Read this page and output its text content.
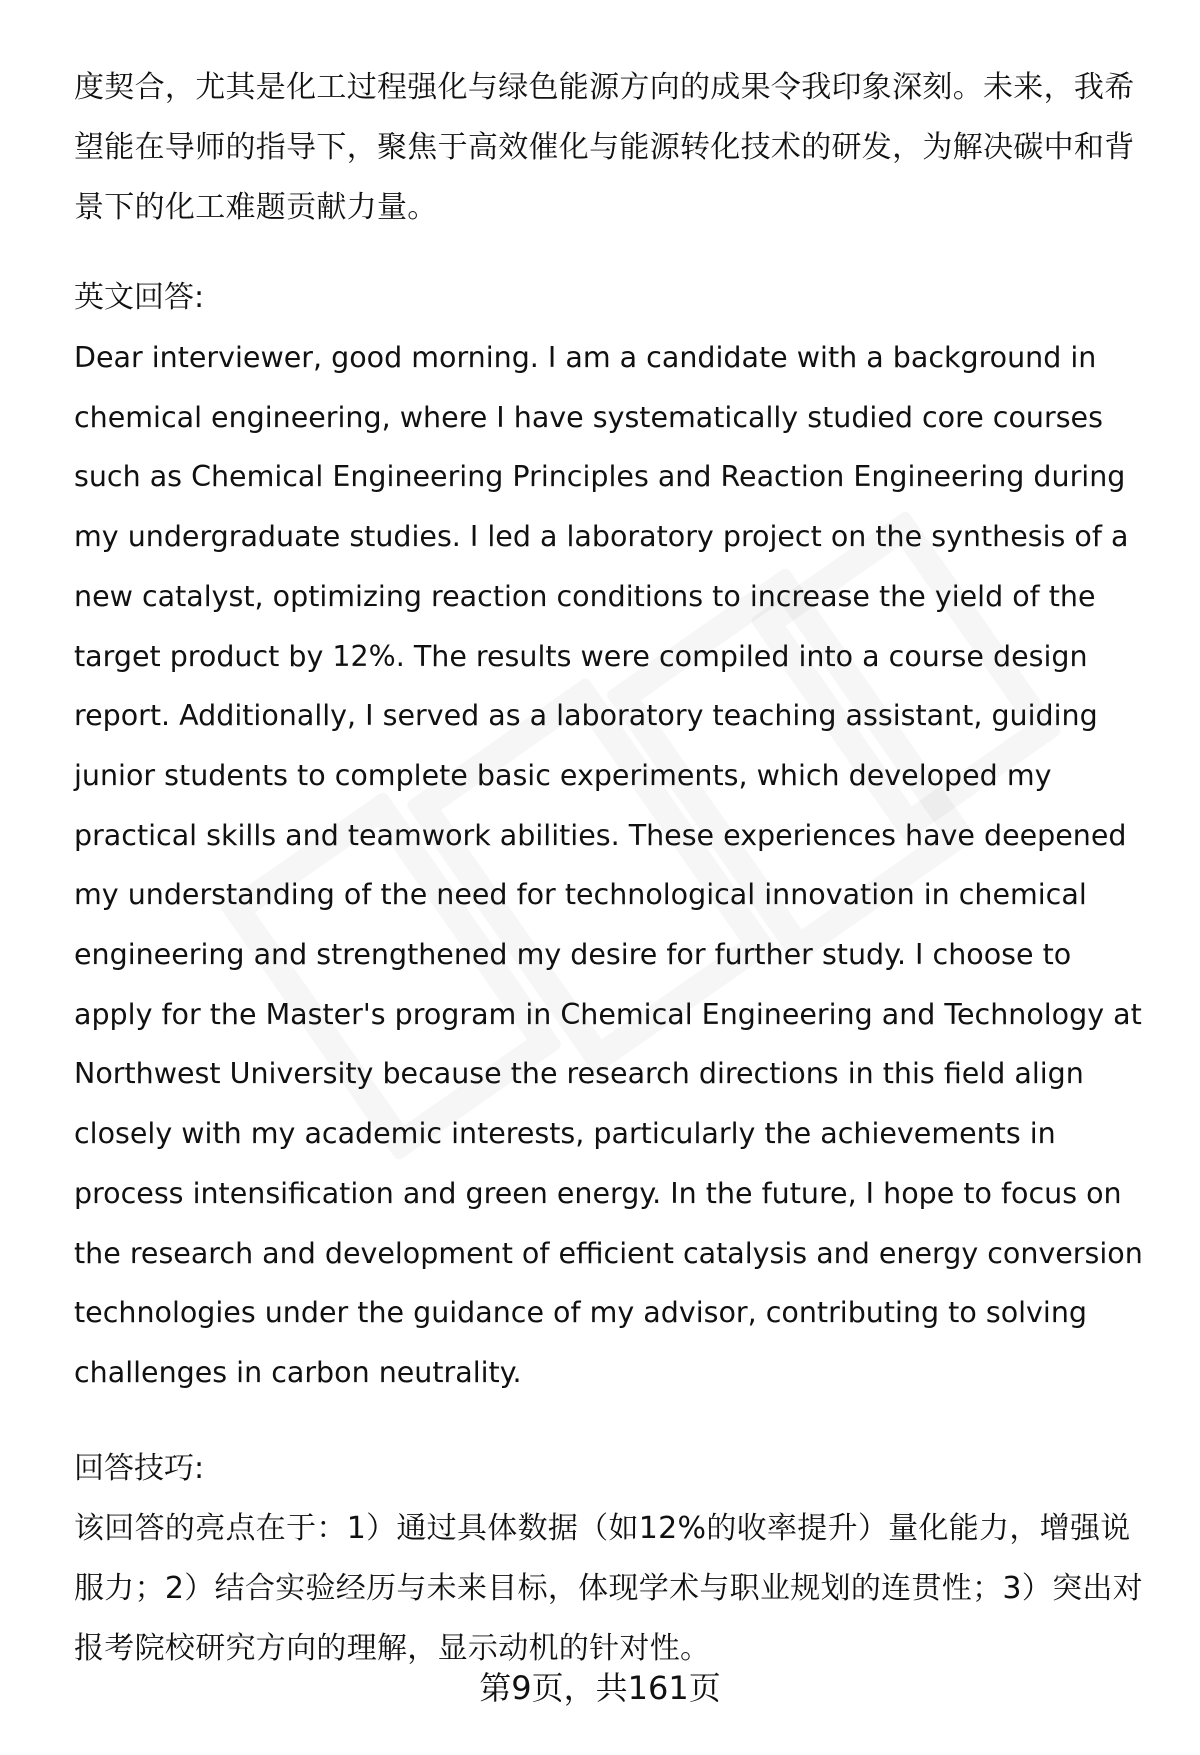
度契合，尤其是化工过程强化与绿色能源方向的成果令我印象深刻。未来，我希望能在导师的指导下，聚焦于高效催化与能源转化技术的研发，为解决碳中和背景下的化工难题贡献力量。

英文回答:

Dear interviewer, good morning. I am a candidate with a background in chemical engineering, where I have systematically studied core courses such as Chemical Engineering Principles and Reaction Engineering during my undergraduate studies. I led a laboratory project on the synthesis of a new catalyst, optimizing reaction conditions to increase the yield of the target product by 12%. The results were compiled into a course design report. Additionally, I served as a laboratory teaching assistant, guiding junior students to complete basic experiments, which developed my practical skills and teamwork abilities. These experiences have deepened my understanding of the need for technological innovation in chemical engineering and strengthened my desire for further study. I choose to apply for the Master's program in Chemical Engineering and Technology at Northwest University because the research directions in this field align closely with my academic interests, particularly the achievements in process intensification and green energy. In the future, I hope to focus on the research and development of efficient catalysis and energy conversion technologies under the guidance of my advisor, contributing to solving challenges in carbon neutrality.

回答技巧:

该回答的亮点在于：1）通过具体数据（如12%的收率提升）量化能力，增强说服力；2）结合实验经历与未来目标，体现学术与职业规划的连贯性；3）突出对报考院校研究方向的理解，显示动机的针对性。

第9页，共161页
